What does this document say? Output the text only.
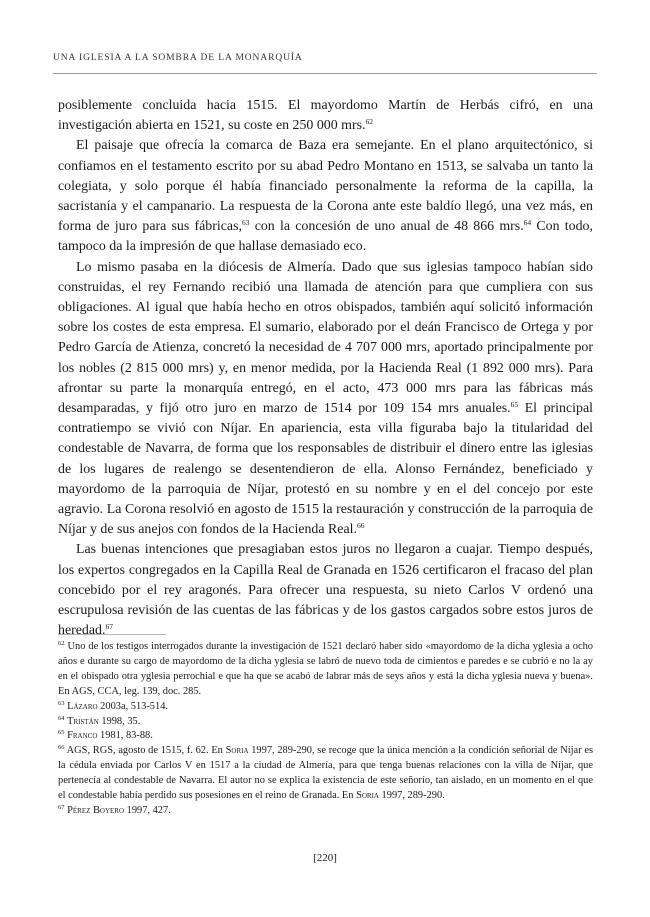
UNA IGLESIA A LA SOMBRA DE LA MONARQUÍA

posiblemente concluida hacia 1515. El mayordomo Martín de Herbás cifró, en una investigación abierta en 1521, su coste en 250 000 mrs.$^{62}$

El paisaje que ofrecía la comarca de Baza era semejante. En el plano arquitectónico, si confiamos en el testamento escrito por su abad Pedro Montano en 1513, se salvaba un tanto la colegiata, y solo porque él había financiado personalmente la reforma de la capilla, la sacristanía y el campanario. La respuesta de la Corona ante este baldío llegó, una vez más, en forma de juro para sus fábricas,$^{63}$ con la concesión de uno anual de 48 866 mrs.$^{64}$ Con todo, tampoco da la impresión de que hallase demasiado eco.

Lo mismo pasaba en la diócesis de Almería. Dado que sus iglesias tampoco habían sido construidas, el rey Fernando recibió una llamada de atención para que cumpliera con sus obligaciones. Al igual que había hecho en otros obispados, también aquí solicitó información sobre los costes de esta empresa. El sumario, elaborado por el deán Francisco de Ortega y por Pedro García de Atienza, concretó la necesidad de 4 707 000 mrs, aportado principalmente por los nobles (2 815 000 mrs) y, en menor medida, por la Hacienda Real (1 892 000 mrs). Para afrontar su parte la monarquía entregó, en el acto, 473 000 mrs para las fábricas más desamparadas, y fijó otro juro en marzo de 1514 por 109 154 mrs anuales.$^{65}$ El principal contratiempo se vivió con Níjar. En apariencia, esta villa figuraba bajo la titularidad del condestable de Navarra, de forma que los responsables de distribuir el dinero entre las iglesias de los lugares de realengo se desentendieron de ella. Alonso Fernández, beneficiado y mayordomo de la parroquia de Níjar, protestó en su nombre y en el del concejo por este agravio. La Corona resolvió en agosto de 1515 la restauración y construcción de la parroquia de Níjar y de sus anejos con fondos de la Hacienda Real.$^{66}$

Las buenas intenciones que presagiaban estos juros no llegaron a cuajar. Tiempo después, los expertos congregados en la Capilla Real de Granada en 1526 certificaron el fracaso del plan concebido por el rey aragonés. Para ofrecer una respuesta, su nieto Carlos V ordenó una escrupulosa revisión de las cuentas de las fábricas y de los gastos cargados sobre estos juros de heredad.$^{67}$

$^{62}$ Uno de los testigos interrogados durante la investigación de 1521 declaró haber sido «mayordomo de la dicha yglesia a ocho años e durante su cargo de mayordomo de la dicha yglesia se labró de nuevo toda de cimientos e paredes e se cubrió e no la ay en el obispado otra yglesia perrochial e que ha que se acabó de labrar más de seys años y está la dicha yglesia nueva y buena». En AGS, CCA, leg. 139, doc. 285.

$^{63}$ Lázaro 2003a, 513-514.

$^{64}$ Tristán 1998, 35.

$^{65}$ Franco 1981, 83-88.

$^{66}$ AGS, RGS, agosto de 1515, f. 62. En Soria 1997, 289-290, se recoge que la única mención a la condición señorial de Níjar es la cédula enviada por Carlos V en 1517 a la ciudad de Almería, para que tenga buenas relaciones con la villa de Níjar, que pertenecía al condestable de Navarra. El autor no se explica la existencia de este señorío, tan aislado, en un momento en el que el condestable había perdido sus posesiones en el reino de Granada. En Soria 1997, 289-290.

$^{67}$ Pérez Boyero 1997, 427.

[220]
